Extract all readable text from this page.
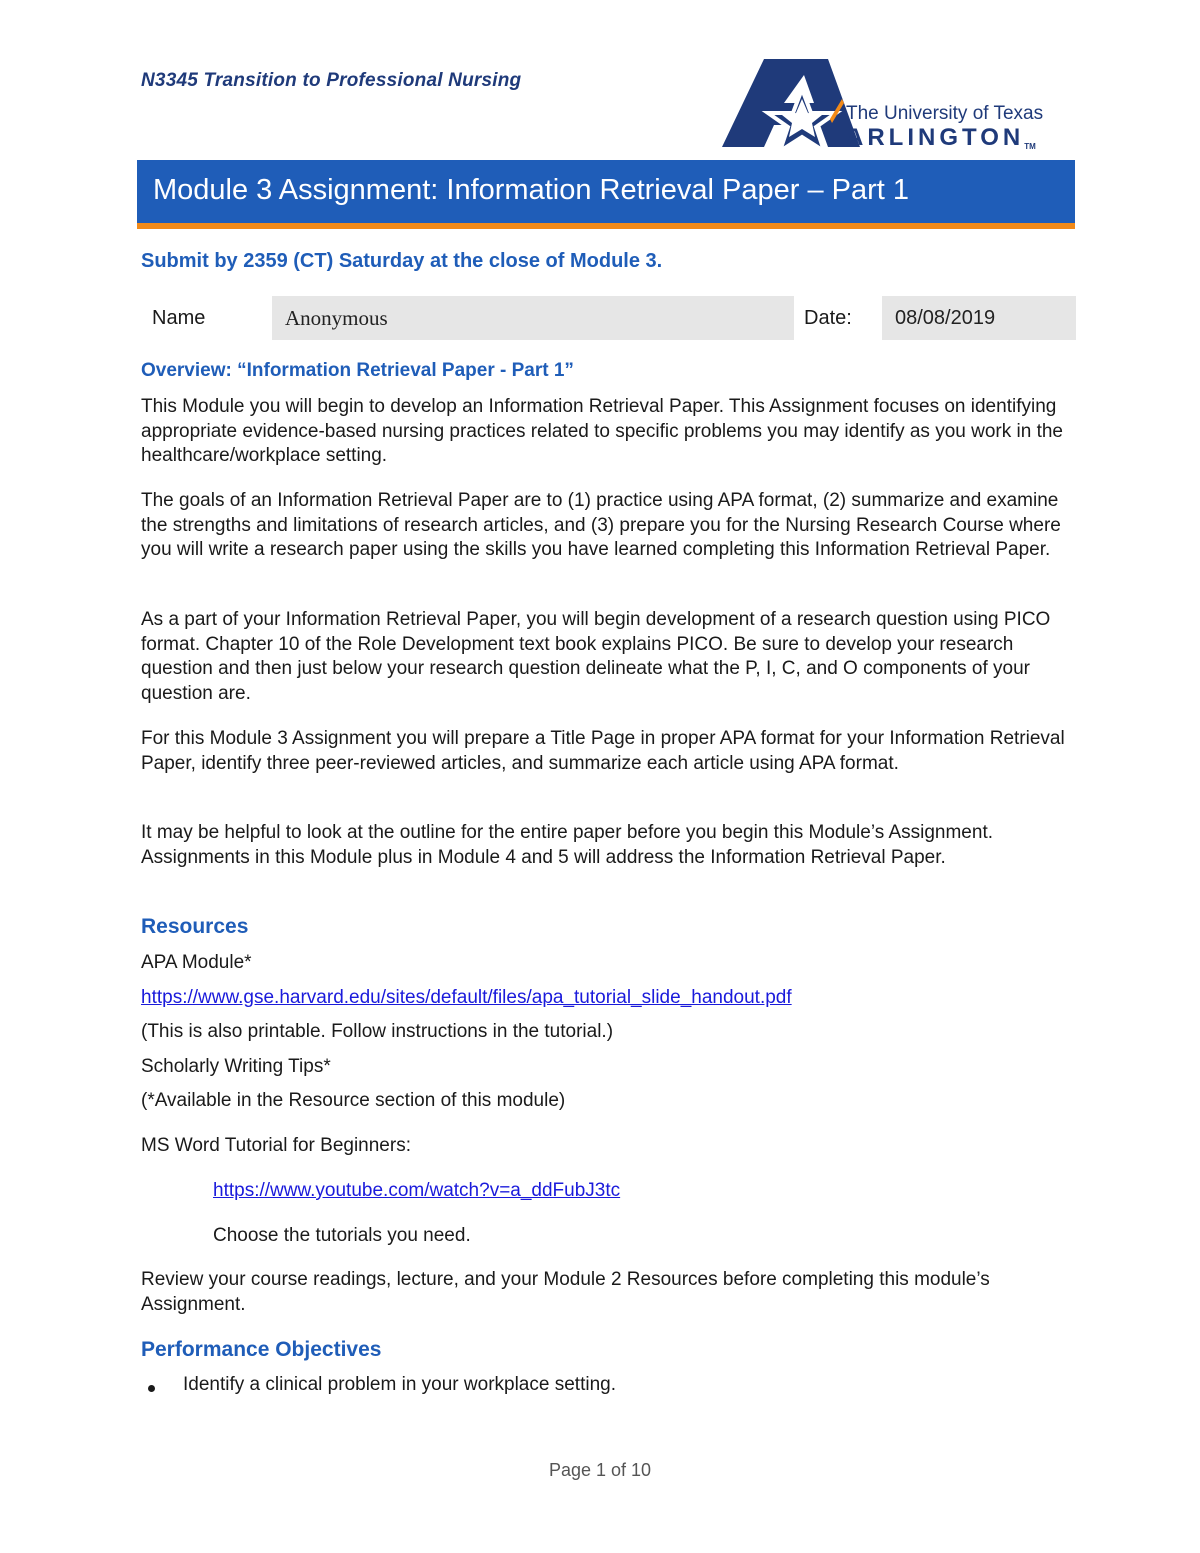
N3345 Transition to Professional Nursing
The University of Texas
ARLINGTONTM
Module 3 Assignment: Information Retrieval Paper – Part 1
Submit by 2359 (CT) Saturday at the close of Module 3.
Name	Anonymous	Date:	08/08/2019
Overview: “Information Retrieval Paper - Part 1”

This Module you will begin to develop an Information Retrieval Paper. This Assignment focuses on identifying appropriate evidence-based nursing practices related to specific problems you may identify as you work in the healthcare/workplace setting.

The goals of an Information Retrieval Paper are to (1) practice using APA format, (2) summarize and examine the strengths and limitations of research articles, and (3) prepare you for the Nursing Research Course where you will write a research paper using the skills you have learned completing this Information Retrieval Paper.

As a part of your Information Retrieval Paper, you will begin development of a research question using PICO format. Chapter 10 of the Role Development text book explains PICO. Be sure to develop your research question and then just below your research question delineate what the P, I, C, and O components of your question are.

For this Module 3 Assignment you will prepare a Title Page in proper APA format for your Information Retrieval Paper, identify three peer-reviewed articles, and summarize each article using APA format.

It may be helpful to look at the outline for the entire paper before you begin this Module’s Assignment. Assignments in this Module plus in Module 4 and 5 will address the Information Retrieval Paper.

Resources
APA Module*
https://www.gse.harvard.edu/sites/default/files/apa_tutorial_slide_handout.pdf
(This is also printable. Follow instructions in the tutorial.)
Scholarly Writing Tips*
(*Available in the Resource section of this module)
MS Word Tutorial for Beginners:
https://www.youtube.com/watch?v=a_ddFubJ3tc
Choose the tutorials you need.

Review your course readings, lecture, and your Module 2 Resources before completing this module’s Assignment.

Performance Objectives
Identify a clinical problem in your workplace setting.
Page 1 of 10
